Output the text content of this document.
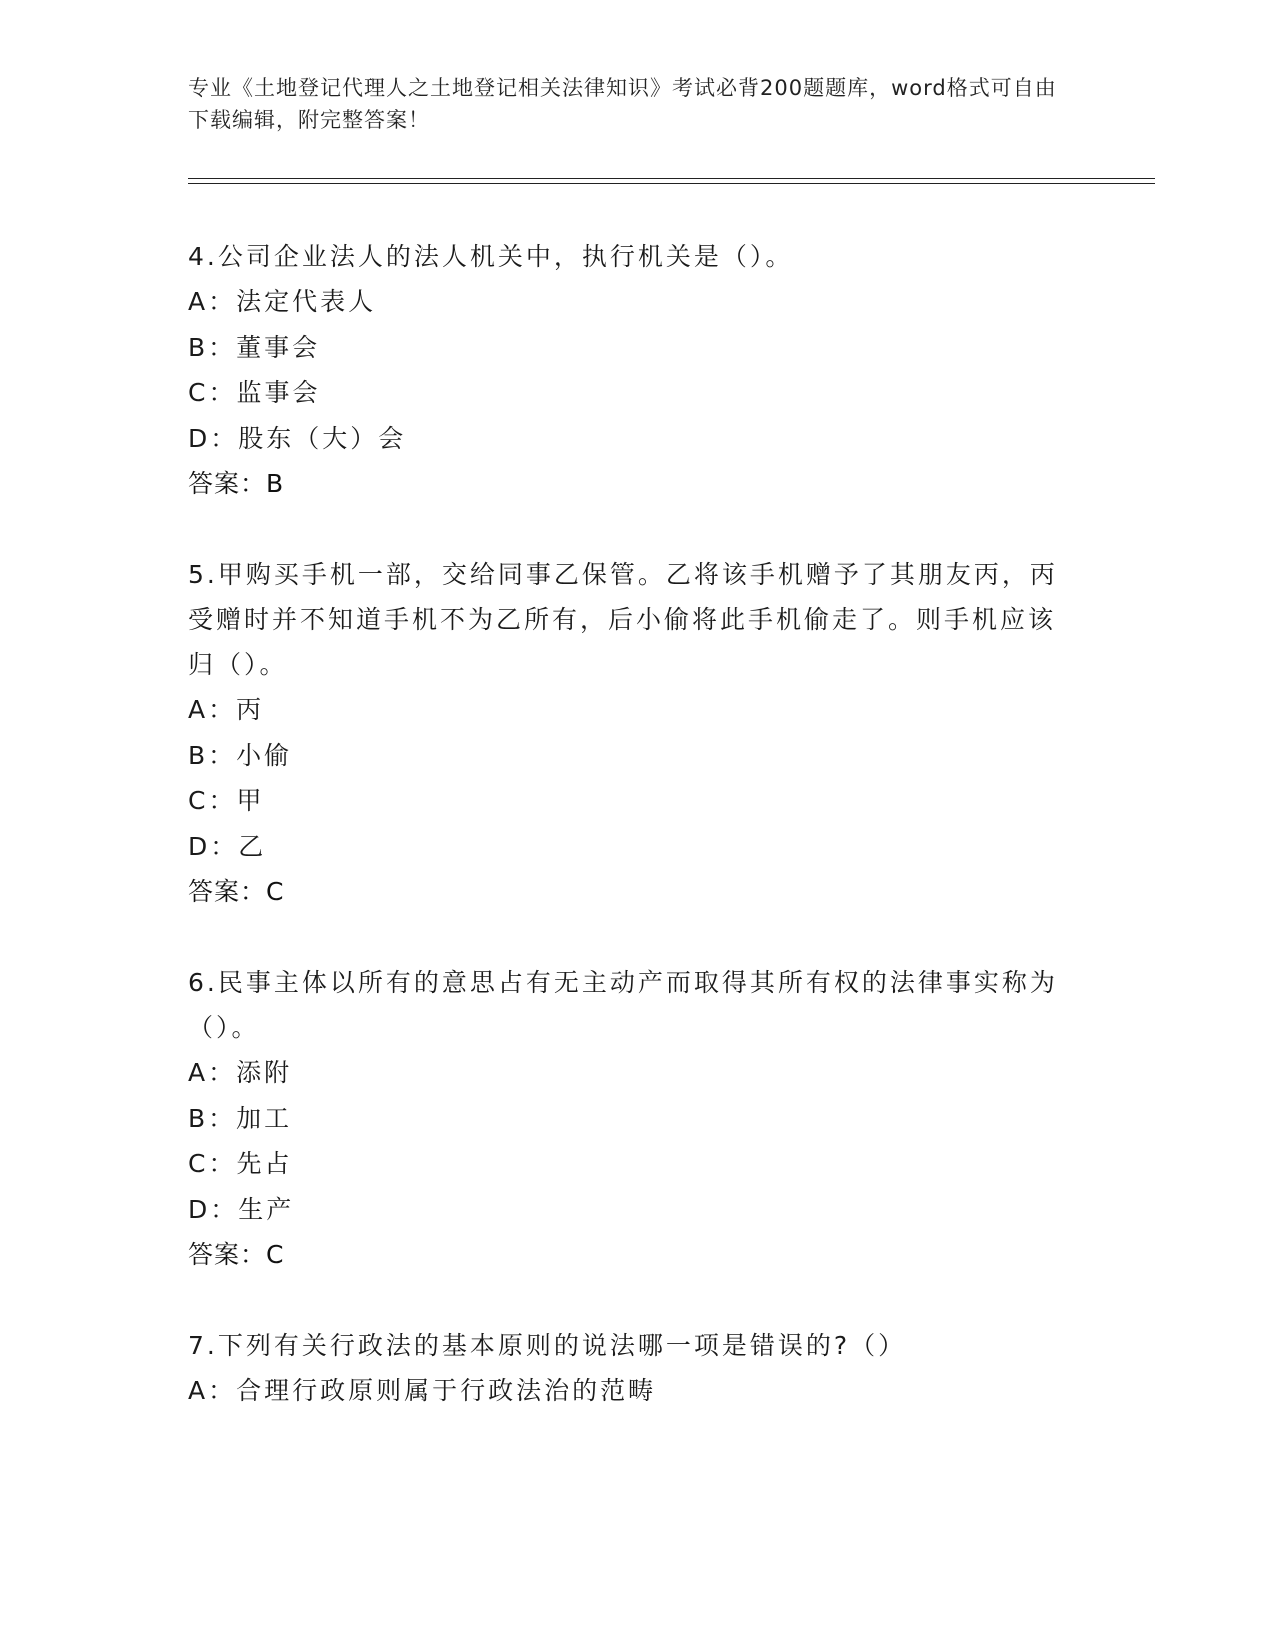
专业《土地登记代理人之土地登记相关法律知识》考试必背200题题库，word格式可自由下载编辑，附完整答案！
4.公司企业法人的法人机关中，执行机关是（）。
A：法定代表人
B：董事会
C：监事会
D：股东（大）会
答案：B
5.甲购买手机一部，交给同事乙保管。乙将该手机赠予了其朋友丙，丙受赠时并不知道手机不为乙所有，后小偷将此手机偷走了。则手机应该归（）。
A：丙
B：小偷
C：甲
D：乙
答案：C
6.民事主体以所有的意思占有无主动产而取得其所有权的法律事实称为（）。
A：添附
B：加工
C：先占
D：生产
答案：C
7.下列有关行政法的基本原则的说法哪一项是错误的?（）
A：合理行政原则属于行政法治的范畴
